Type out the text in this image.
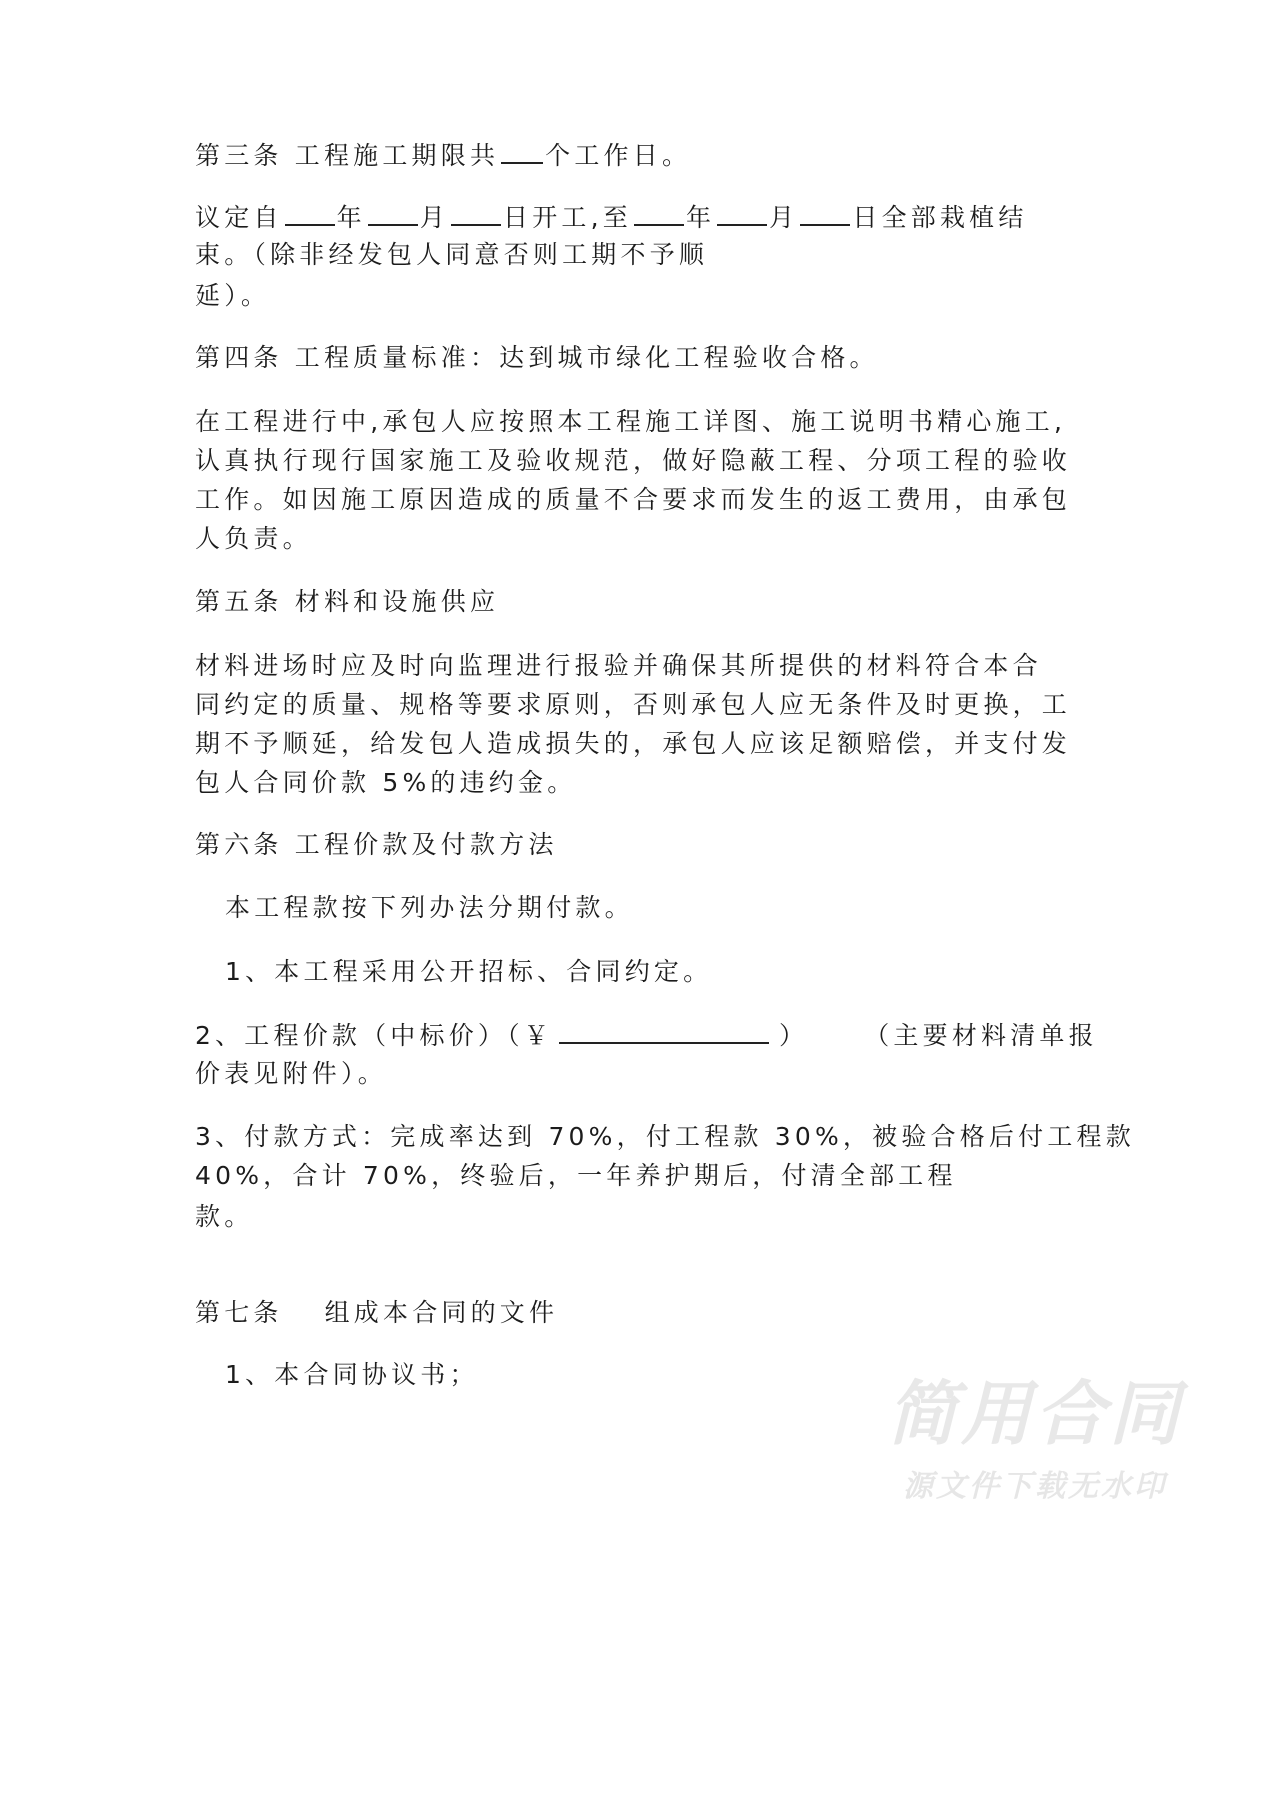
第三条 工程施工期限共 个工作日。
议定自 年 月 日开工,至 年 月 日全部栽植结
束。（除非经发包人同意否则工期不予顺
延）。
第四条 工程质量标准：达到城市绿化工程验收合格。
在工程进行中,承包人应按照本工程施工详图、施工说明书精心施工,
认真执行现行国家施工及验收规范，做好隐蔽工程、分项工程的验收
工作。如因施工原因造成的质量不合要求而发生的返工费用，由承包
人负责。
第五条 材料和设施供应
材料进场时应及时向监理进行报验并确保其所提供的材料符合本合
同约定的质量、规格等要求原则，否则承包人应无条件及时更换，工
期不予顺延，给发包人造成损失的，承包人应该足额赔偿，并支付发
包人合同价款 5%的违约金。
第六条 工程价款及付款方法
本工程款按下列办法分期付款。
1、本工程采用公开招标、合同约定。
2、工程价款（中标价）（￥	） （主要材料清单报
价表见附件）。
3、付款方式：完成率达到 70%，付工程款 30%，被验合格后付工程款
40%，合计 70%，终验后，一年养护期后，付清全部工程
款。
第七条 组成本合同的文件
1、本合同协议书；	简用合同
源文件下载无水印
